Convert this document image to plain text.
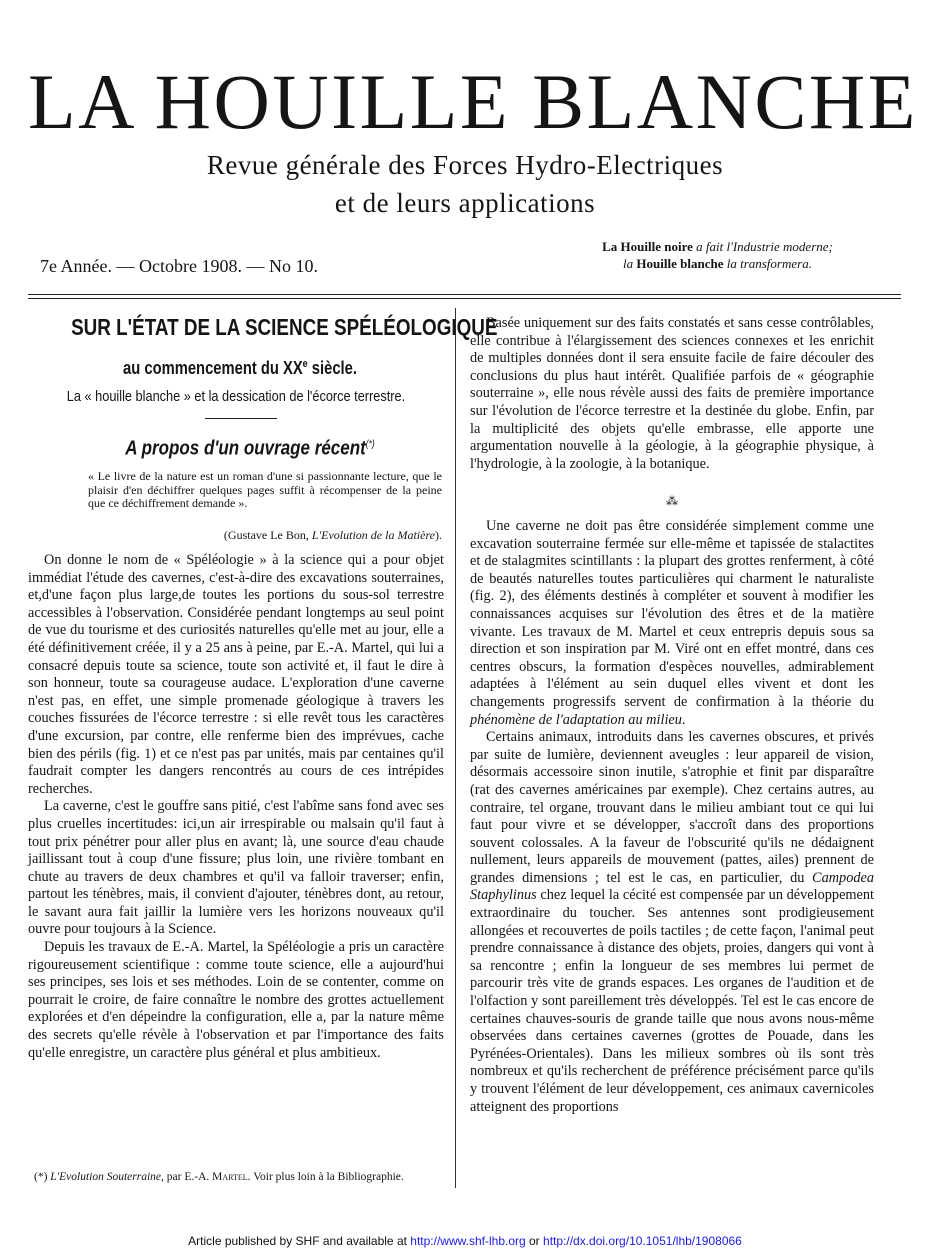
LA HOUILLE BLANCHE
Revue générale des Forces Hydro-Electriques
et de leurs applications
7e Année. — Octobre 1908. — No 10.
La Houille noire a fait l'Industrie moderne;
la Houille blanche la transformera.
SUR L'ÉTAT DE LA SCIENCE SPÉLÉOLOGIQUE
au commencement du XXe siècle.
La « houille blanche » et la dessication de l'écorce terrestre.
A propos d'un ouvrage récent(*)
« Le livre de la nature est un roman d'une si passionnante lecture, que le plaisir d'en déchiffrer quelques pages suffit à récompenser de la peine que ce déchiffrement demande ».
(Gustave Le Bon, L'Evolution de la Matière).

On donne le nom de « Spéléologie » à la science qui a pour objet immédiat l'étude des cavernes, c'est-à-dire des excavations souterraines, et,d'une façon plus large,de toutes les portions du sous-sol terrestre accessibles à l'observation. Considérée pendant longtemps au seul point de vue du tourisme et des curiosités naturelles qu'elle met au jour, elle a été définitivement créée, il y a 25 ans à peine, par E.-A. Martel, qui lui a consacré depuis toute sa science, toute son activité et, il faut le dire à son honneur, toute sa courageuse audace. L'exploration d'une caverne n'est pas, en effet, une simple promenade géologique à travers les couches fissurées de l'écorce terrestre : si elle revêt tous les caractères d'une excursion, par contre, elle renferme bien des imprévues, cache bien des périls (fig. 1) et ce n'est pas par unités, mais par centaines qu'il faudrait compter les dangers rencontrés au cours de ces intrépides recherches.

La caverne, c'est le gouffre sans pitié, c'est l'abîme sans fond avec ses plus cruelles incertitudes: ici,un air irrespirable ou malsain qu'il faut à tout prix pénétrer pour aller plus en avant; là, une source d'eau chaude jaillissant tout à coup d'une fissure; plus loin, une rivière tombant en chute au travers de deux chambres et qu'il va falloir traverser; enfin, partout les ténèbres, mais, il convient d'ajouter, ténèbres dont, au retour, le savant aura fait jaillir la lumière vers les horizons nouveaux qu'il ouvre pour toujours à la Science.

Depuis les travaux de E.-A. Martel, la Spéléologie a pris un caractère rigoureusement scientifique : comme toute science, elle a aujourd'hui ses principes, ses lois et ses méthodes. Loin de se contenter, comme on pourrait le croire, de faire connaître le nombre des grottes actuellement explorées et d'en dépeindre la configuration, elle a, par la nature même des secrets qu'elle révèle à l'observation et par l'importance des faits qu'elle enregistre, un caractère plus général et plus ambitieux.

Basée uniquement sur des faits constatés et sans cesse contrôlables, elle contribue à l'élargissement des sciences connexes et les enrichit de multiples données dont il sera ensuite facile de faire découler des conclusions du plus haut intérêt. Qualifiée parfois de « géographie souterraine », elle nous révèle aussi des faits de première importance sur l'évolution de l'écorce terrestre et la destinée du globe. Enfin, par la multiplicité des objets qu'elle embrasse, elle apporte une argumentation nouvelle à la géologie, à la géographie physique, à l'hydrologie, à la zoologie, à la botanique.

⁂

Une caverne ne doit pas être considérée simplement comme une excavation souterraine fermée sur elle-même et tapissée de stalactites et de stalagmites scintillants : la plupart des grottes renferment, à côté de beautés naturelles toutes particulières qui charment le naturaliste (fig. 2), des éléments destinés à compléter et souvent à modifier les connaissances acquises sur l'évolution des êtres et de la matière vivante. Les travaux de M. Martel et ceux entrepris depuis sous sa direction et son inspiration par M. Viré ont en effet montré, dans ces centres obscurs, la formation d'espèces nouvelles, admirablement adaptées à l'élément au sein duquel elles vivent et dont les changements progressifs servent de confirmation à la théorie du phénomène de l'adaptation au milieu.

Certains animaux, introduits dans les cavernes obscures, et privés par suite de lumière, deviennent aveugles : leur appareil de vision, désormais accessoire sinon inutile, s'atrophie et finit par disparaître (rat des cavernes américaines par exemple). Chez certains autres, au contraire, tel organe, trouvant dans le milieu ambiant tout ce qui lui faut pour vivre et se développer, s'accroît dans des proportions souvent colossales. A la faveur de l'obscurité qu'ils ne dédaignent nullement, leurs appareils de mouvement (pattes, ailes) prennent de grandes dimensions ; tel est le cas, en particulier, du Campodea Staphylinus chez lequel la cécité est compensée par un développement extraordinaire du toucher. Ses antennes sont prodigieusement allongées et recouvertes de poils tactiles ; de cette façon, l'animal peut prendre connaissance à distance des objets, proies, dangers qui vont à sa rencontre ; enfin la longueur de ses membres lui permet de parcourir très vite de grands espaces. Les organes de l'audition et de l'olfaction y sont pareillement très développés. Tel est le cas encore de certaines chauves-souris de grande taille que nous avons nous-même observées dans certaines cavernes (grottes de Pouade, dans les Pyrénées-Orientales). Dans les milieux sombres où ils sont très nombreux et qu'ils recherchent de préférence précisément parce qu'ils y trouvent l'élément de leur développement, ces animaux cavernicoles atteignent des proportions

(*) L'Evolution Souterraine, par E.-A. Martel. Voir plus loin à la Bibliographie.
Article published by SHF and available at http://www.shf-lhb.org or http://dx.doi.org/10.1051/lhb/1908066
